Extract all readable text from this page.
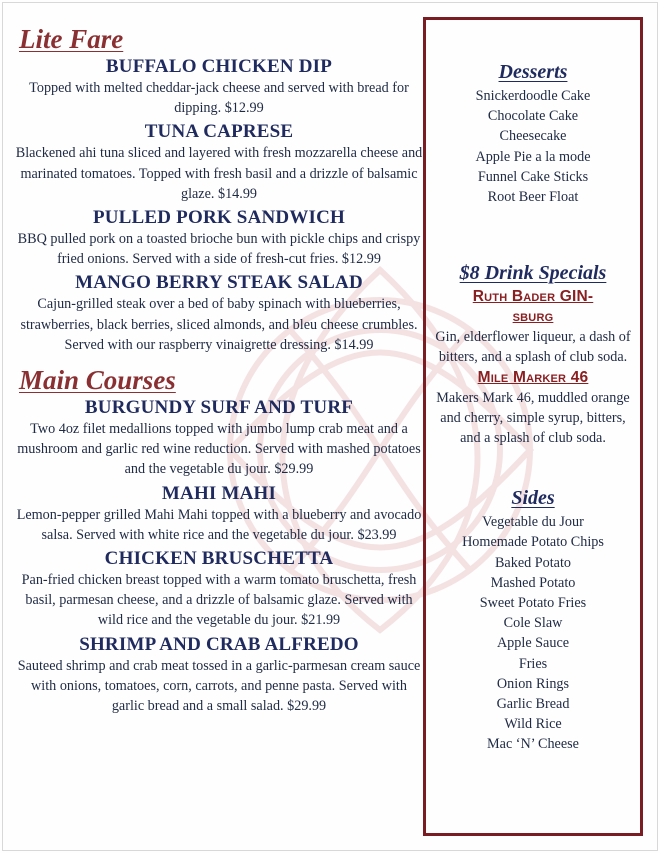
Lite Fare
BUFFALO CHICKEN DIP
Topped with melted cheddar-jack cheese and served with bread for dipping. $12.99
TUNA CAPRESE
Blackened ahi tuna sliced and layered with fresh mozzarella cheese and marinated tomatoes. Topped with fresh basil and a drizzle of balsamic glaze. $14.99
PULLED PORK SANDWICH
BBQ pulled pork on a toasted brioche bun with pickle chips and crispy fried onions. Served with a side of fresh-cut fries. $12.99
MANGO BERRY STEAK SALAD
Cajun-grilled steak over a bed of baby spinach with blueberries, strawberries, black berries, sliced almonds, and bleu cheese crumbles. Served with our raspberry vinaigrette dressing. $14.99
Main Courses
BURGUNDY SURF AND TURF
Two 4oz filet medallions topped with jumbo lump crab meat and a mushroom and garlic red wine reduction. Served with mashed potatoes and the vegetable du jour. $29.99
MAHI MAHI
Lemon-pepper grilled Mahi Mahi topped with a blueberry and avocado salsa. Served with white rice and the vegetable du jour. $23.99
CHICKEN BRUSCHETTA
Pan-fried chicken breast topped with a warm tomato bruschetta, fresh basil, parmesan cheese, and a drizzle of balsamic glaze. Served with wild rice and the vegetable du jour. $21.99
SHRIMP AND CRAB ALFREDO
Sauteed shrimp and crab meat tossed in a garlic-parmesan cream sauce with onions, tomatoes, corn, carrots, and penne pasta. Served with garlic bread and a small salad. $29.99
Desserts
Snickerdoodle Cake
Chocolate Cake
Cheesecake
Apple Pie a la mode
Funnel Cake Sticks
Root Beer Float
$8 Drink Specials
Ruth Bader GIN-sburg
Gin, elderflower liqueur, a dash of bitters, and a splash of club soda.
Mile Marker 46
Makers Mark 46, muddled orange and cherry, simple syrup, bitters, and a splash of club soda.
Sides
Vegetable du Jour
Homemade Potato Chips
Baked Potato
Mashed Potato
Sweet Potato Fries
Cole Slaw
Apple Sauce
Fries
Onion Rings
Garlic Bread
Wild Rice
Mac ‘N’ Cheese
